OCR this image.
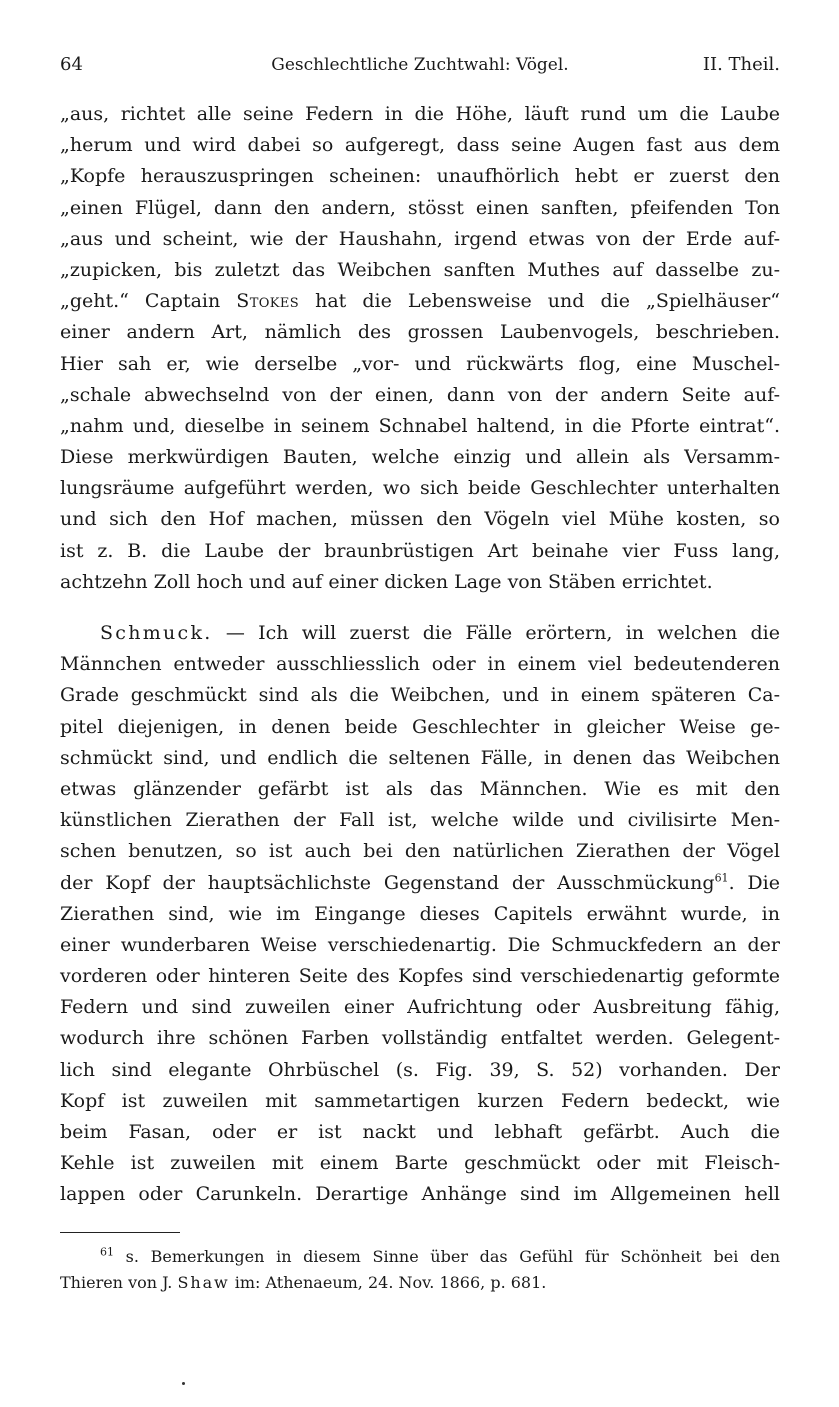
64	Geschlechtliche Zuchtwahl: Vögel.	II. Theil.

„aus, richtet alle seine Federn in die Höhe, läuft rund um die Laube
„herum und wird dabei so aufgeregt, dass seine Augen fast aus dem
„Kopfe herauszuspringen scheinen: unaufhörlich hebt er zuerst den
„einen Flügel, dann den andern, stösst einen sanften, pfeifenden Ton
„aus und scheint, wie der Haushahn, irgend etwas von der Erde auf-
„zupicken, bis zuletzt das Weibchen sanften Muthes auf dasselbe zu-
„geht.“ Captain Stokes hat die Lebensweise und die „Spielhäuser“
einer andern Art, nämlich des grossen Laubenvogels, beschrieben.
Hier sah er, wie derselbe „vor- und rückwärts flog, eine Muschel-
„schale abwechselnd von der einen, dann von der andern Seite auf-
„nahm und, dieselbe in seinem Schnabel haltend, in die Pforte eintrat“.
Diese merkwürdigen Bauten, welche einzig und allein als Versamm-
lungsräume aufgeführt werden, wo sich beide Geschlechter unterhalten
und sich den Hof machen, müssen den Vögeln viel Mühe kosten, so
ist z. B. die Laube der braunbrüstigen Art beinahe vier Fuss lang,
achtzehn Zoll hoch und auf einer dicken Lage von Stäben errichtet.

Schmuck. — Ich will zuerst die Fälle erörtern, in welchen die
Männchen entweder ausschliesslich oder in einem viel bedeutenderen
Grade geschmückt sind als die Weibchen, und in einem späteren Ca-
pitel diejenigen, in denen beide Geschlechter in gleicher Weise ge-
schmückt sind, und endlich die seltenen Fälle, in denen das Weibchen
etwas glänzender gefärbt ist als das Männchen. Wie es mit den
künstlichen Zierathen der Fall ist, welche wilde und civilisirte Men-
schen benutzen, so ist auch bei den natürlichen Zierathen der Vögel
der Kopf der hauptsächlichste Gegenstand der Ausschmückung$^{61}$. Die
Zierathen sind, wie im Eingange dieses Capitels erwähnt wurde, in
einer wunderbaren Weise verschiedenartig. Die Schmuckfedern an der
vorderen oder hinteren Seite des Kopfes sind verschiedenartig geformte
Federn und sind zuweilen einer Aufrichtung oder Ausbreitung fähig,
wodurch ihre schönen Farben vollständig entfaltet werden. Gelegent-
lich sind elegante Ohrbüschel (s. Fig. 39, S. 52) vorhanden. Der
Kopf ist zuweilen mit sammetartigen kurzen Federn bedeckt, wie
beim Fasan, oder er ist nackt und lebhaft gefärbt. Auch die
Kehle ist zuweilen mit einem Barte geschmückt oder mit Fleisch-
lappen oder Carunkeln. Derartige Anhänge sind im Allgemeinen hell

$^{61}$ s. Bemerkungen in diesem Sinne über das Gefühl für Schönheit bei den
Thieren von J. Shaw im: Athenaeum, 24. Nov. 1866, p. 681.
